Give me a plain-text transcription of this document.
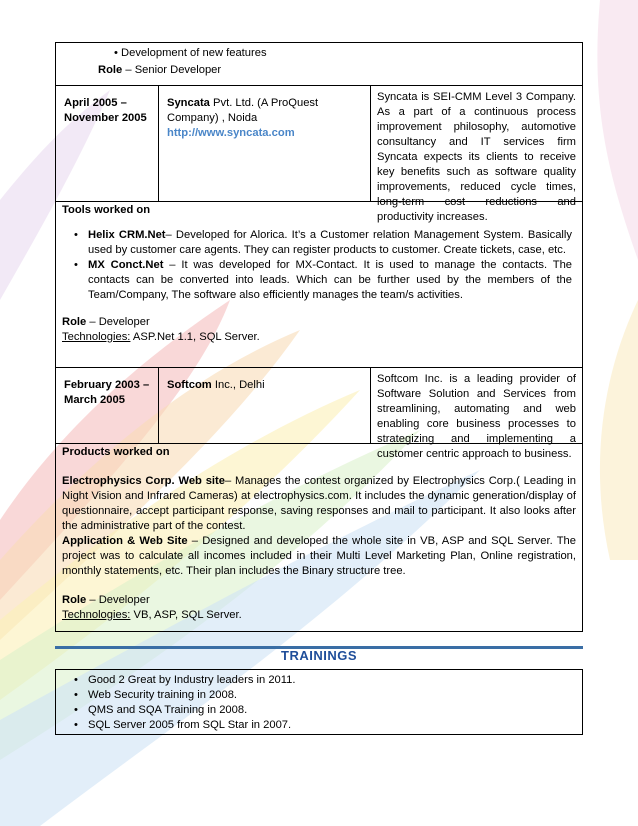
• Development of new features
Role – Senior Developer
April 2005 – November 2005
Syncata Pvt. Ltd. (A ProQuest Company) , Noida
http://www.syncata.com
Syncata is SEI-CMM Level 3 Company. As a part of a continuous process improvement philosophy, automotive consultancy and IT services firm Syncata expects its clients to receive key benefits such as software quality improvements, reduced cycle times, long-term cost reductions and productivity increases.
Tools worked on
• Helix CRM.Net– Developed for Alorica. It’s a Customer relation Management System. Basically used by customer care agents. They can register products to customer. Create tickets, case, etc.
• MX Conct.Net – It was developed for MX-Contact. It is used to manage the contacts. The contacts can be converted into leads. Which can be further used by the members of the Team/Company, The software also efficiently manages the team/s activities.
Role – Developer
Technologies: ASP.Net 1.1, SQL Server.
February 2003 – March 2005
Softcom Inc., Delhi	Softcom Inc. is a leading provider of Software Solution and Services from streamlining, automating and web enabling core business processes to strategizing and implementing a customer centric approach to business.
Products worked on
Electrophysics Corp. Web site– Manages the contest organized by Electrophysics Corp.( Leading in Night Vision and Infrared Cameras) at electrophysics.com. It includes the dynamic generation/display of questionnaire, accept participant response, saving responses and mail to participant. It also looks after the administrative part of the contest.
Application & Web Site – Designed and developed the whole site in VB, ASP and SQL Server. The project was to calculate all incomes included in their Multi Level Marketing Plan, Online registration, monthly statements, etc. Their plan includes the Binary structure tree.
Role – Developer
Technologies: VB, ASP, SQL Server.
TRAININGS
• Good 2 Great by Industry leaders in 2011.
• Web Security training in 2008.
• QMS and SQA Training in 2008.
• SQL Server 2005 from SQL Star in 2007.
